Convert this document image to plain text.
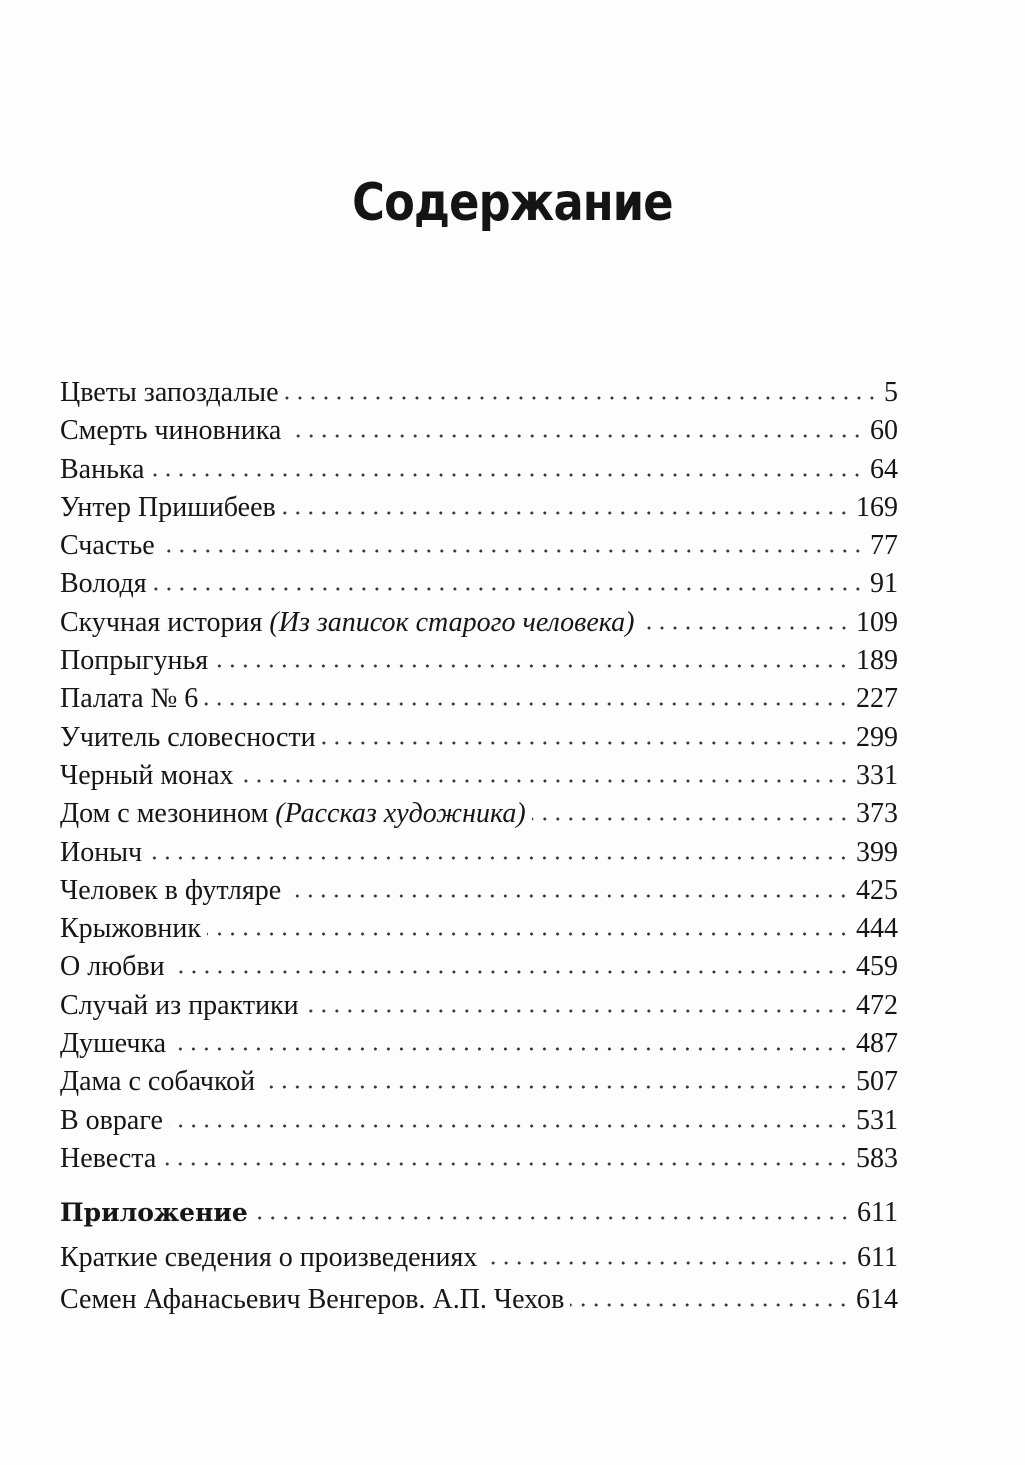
Содержание
Цветы запоздалые	5
Смерть чиновника	60
Ванька	64
Унтер Пришибеев	169
Счастье	77
Володя	91
Скучная история (Из записок старого человека)	109
Попрыгунья	189
Палата № 6	227
Учитель словесности	299
Черный монах	331
Дом с мезонином (Рассказ художника)	373
Ионыч	399
Человек в футляре	425
Крыжовник	444
О любви	459
Случай из практики	472
Душечка	487
Дама с собачкой	507
В овраге	531
Невеста	583
Приложение	611
Краткие сведения о произведениях	611
Семен Афанасьевич Венгеров. А.П. Чехов	614
